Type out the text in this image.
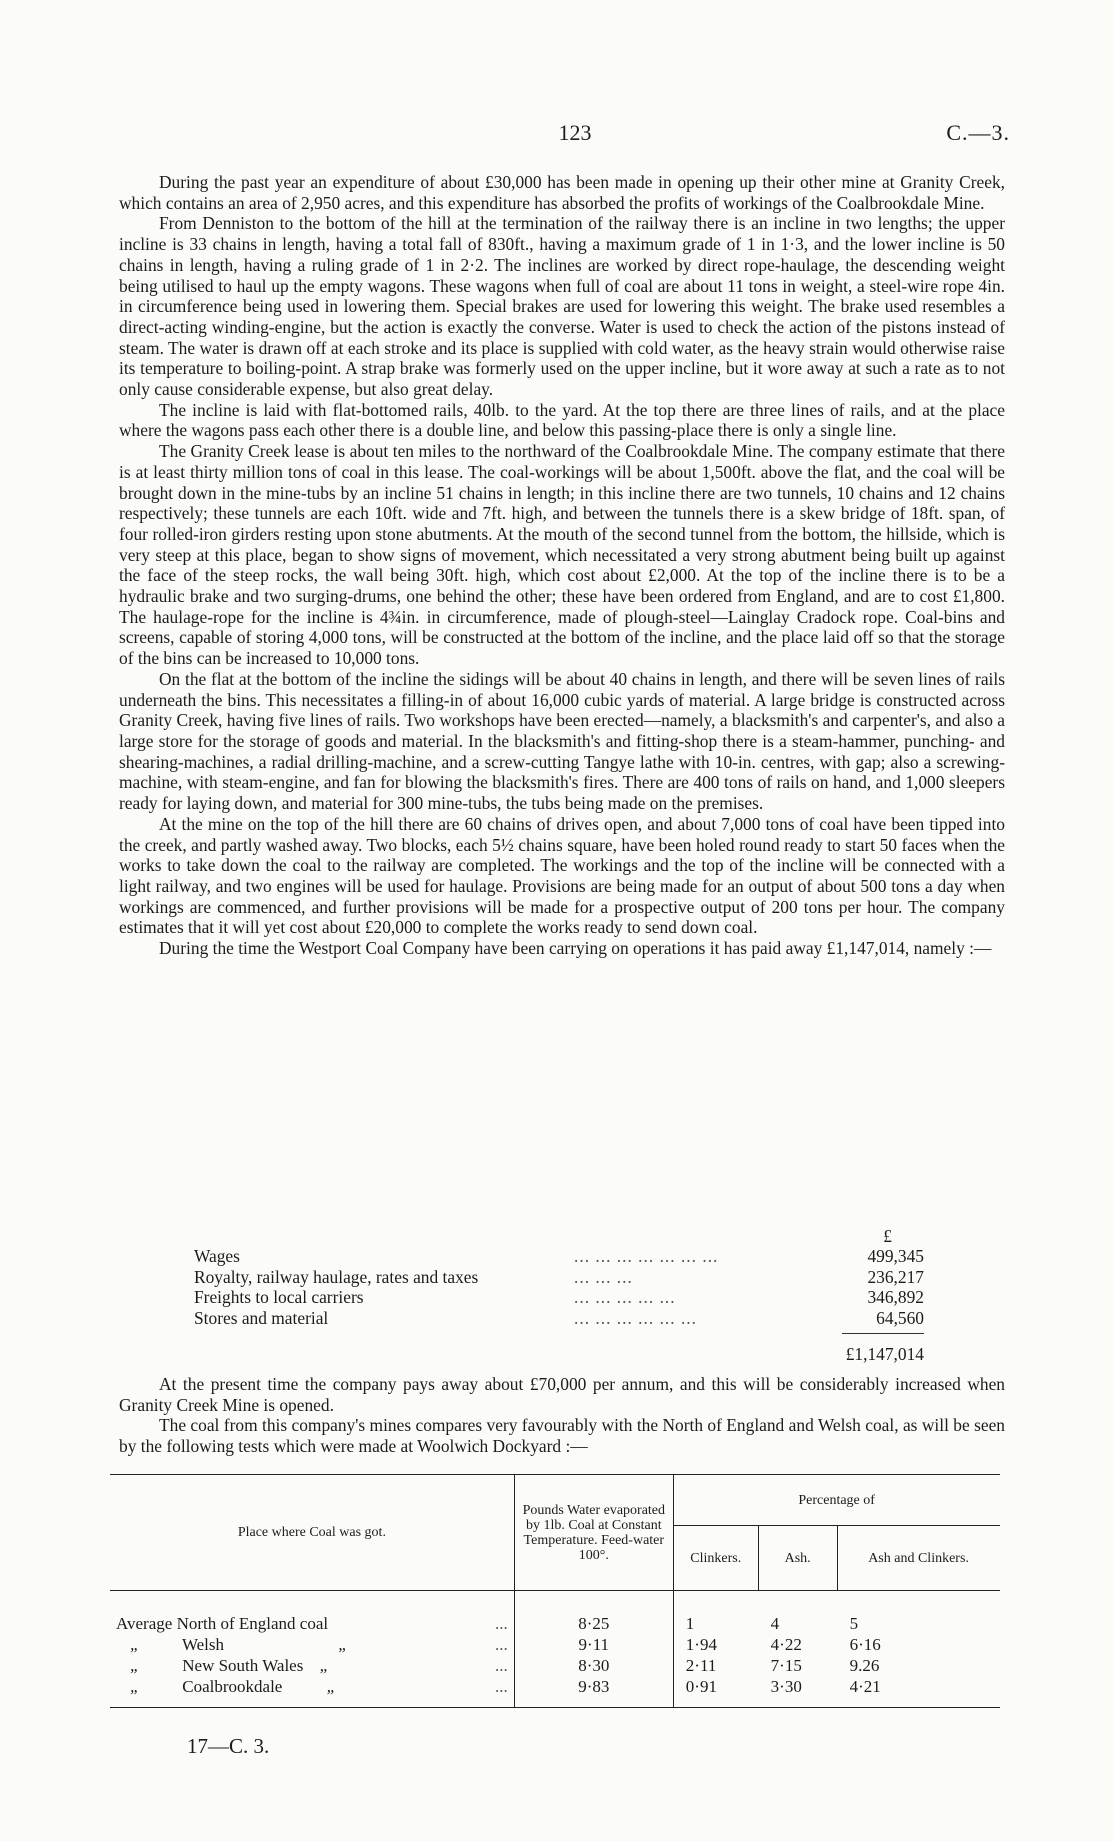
123	C.—3.

During the past year an expenditure of about £30,000 has been made in opening up their other mine at Granity Creek, which contains an area of 2,950 acres, and this expenditure has absorbed the profits of workings of the Coalbrookdale Mine.

From Denniston to the bottom of the hill at the termination of the railway there is an incline in two lengths; the upper incline is 33 chains in length, having a total fall of 830ft., having a maximum grade of 1 in 1·3, and the lower incline is 50 chains in length, having a ruling grade of 1 in 2·2. The inclines are worked by direct rope-haulage, the descending weight being utilised to haul up the empty wagons. These wagons when full of coal are about 11 tons in weight, a steel-wire rope 4in. in circumference being used in lowering them. Special brakes are used for lowering this weight. The brake used resembles a direct-acting winding-engine, but the action is exactly the converse. Water is used to check the action of the pistons instead of steam. The water is drawn off at each stroke and its place is supplied with cold water, as the heavy strain would otherwise raise its temperature to boiling-point. A strap brake was formerly used on the upper incline, but it wore away at such a rate as to not only cause considerable expense, but also great delay.

The incline is laid with flat-bottomed rails, 40lb. to the yard. At the top there are three lines of rails, and at the place where the wagons pass each other there is a double line, and below this passing-place there is only a single line.

The Granity Creek lease is about ten miles to the northward of the Coalbrookdale Mine. The company estimate that there is at least thirty million tons of coal in this lease. The coal-workings will be about 1,500ft. above the flat, and the coal will be brought down in the mine-tubs by an incline 51 chains in length; in this incline there are two tunnels, 10 chains and 12 chains respectively; these tunnels are each 10ft. wide and 7ft. high, and between the tunnels there is a skew bridge of 18ft. span, of four rolled-iron girders resting upon stone abutments. At the mouth of the second tunnel from the bottom, the hillside, which is very steep at this place, began to show signs of movement, which necessitated a very strong abutment being built up against the face of the steep rocks, the wall being 30ft. high, which cost about £2,000. At the top of the incline there is to be a hydraulic brake and two surging-drums, one behind the other; these have been ordered from England, and are to cost £1,800. The haulage-rope for the incline is 4¾in. in circumference, made of plough-steel—Lainglay Cradock rope. Coal-bins and screens, capable of storing 4,000 tons, will be constructed at the bottom of the incline, and the place laid off so that the storage of the bins can be increased to 10,000 tons.

On the flat at the bottom of the incline the sidings will be about 40 chains in length, and there will be seven lines of rails underneath the bins. This necessitates a filling-in of about 16,000 cubic yards of material. A large bridge is constructed across Granity Creek, having five lines of rails. Two workshops have been erected—namely, a blacksmith's and carpenter's, and also a large store for the storage of goods and material. In the blacksmith's and fitting-shop there is a steam-hammer, punching- and shearing-machines, a radial drilling-machine, and a screw-cutting Tangye lathe with 10-in. centres, with gap; also a screwing-machine, with steam-engine, and fan for blowing the blacksmith's fires. There are 400 tons of rails on hand, and 1,000 sleepers ready for laying down, and material for 300 mine-tubs, the tubs being made on the premises.

At the mine on the top of the hill there are 60 chains of drives open, and about 7,000 tons of coal have been tipped into the creek, and partly washed away. Two blocks, each 5½ chains square, have been holed round ready to start 50 faces when the works to take down the coal to the railway are completed. The workings and the top of the incline will be connected with a light railway, and two engines will be used for haulage. Provisions are being made for an output of about 500 tons a day when workings are commenced, and further provisions will be made for a prospective output of 200 tons per hour. The company estimates that it will yet cost about £20,000 to complete the works ready to send down coal.

During the time the Westport Coal Company have been carrying on operations it has paid away £1,147,014, namely :—

£
Wages	... ... ... ... ... ... ...	499,345
Royalty, railway haulage, rates and taxes	... ... ...	236,217
Freights to local carriers	... ... ... ... ...	346,892
Stores and material	... ... ... ... ... ...	64,560
£1,147,014

At the present time the company pays away about £70,000 per annum, and this will be considerably increased when Granity Creek Mine is opened.

The coal from this company's mines compares very favourably with the North of England and Welsh coal, as will be seen by the following tests which were made at Woolwich Dockyard :—

Place where Coal was got.	Pounds Water evaporated by 1lb. Coal at Constant Temperature. Feed-water 100°.	Percentage of		
		Clinkers.	Ash.	Ash and Clinkers.
Average North of England coal ...	8·25	1	4	5
„ Welsh „ ...	9·11	1·94	4·22	6·16
„ New South Wales „ ...	8·30	2·11	7·15	9.26
„ Coalbrookdale „ ...	9·83	0·91	3·30	4·21
17—C. 3.
